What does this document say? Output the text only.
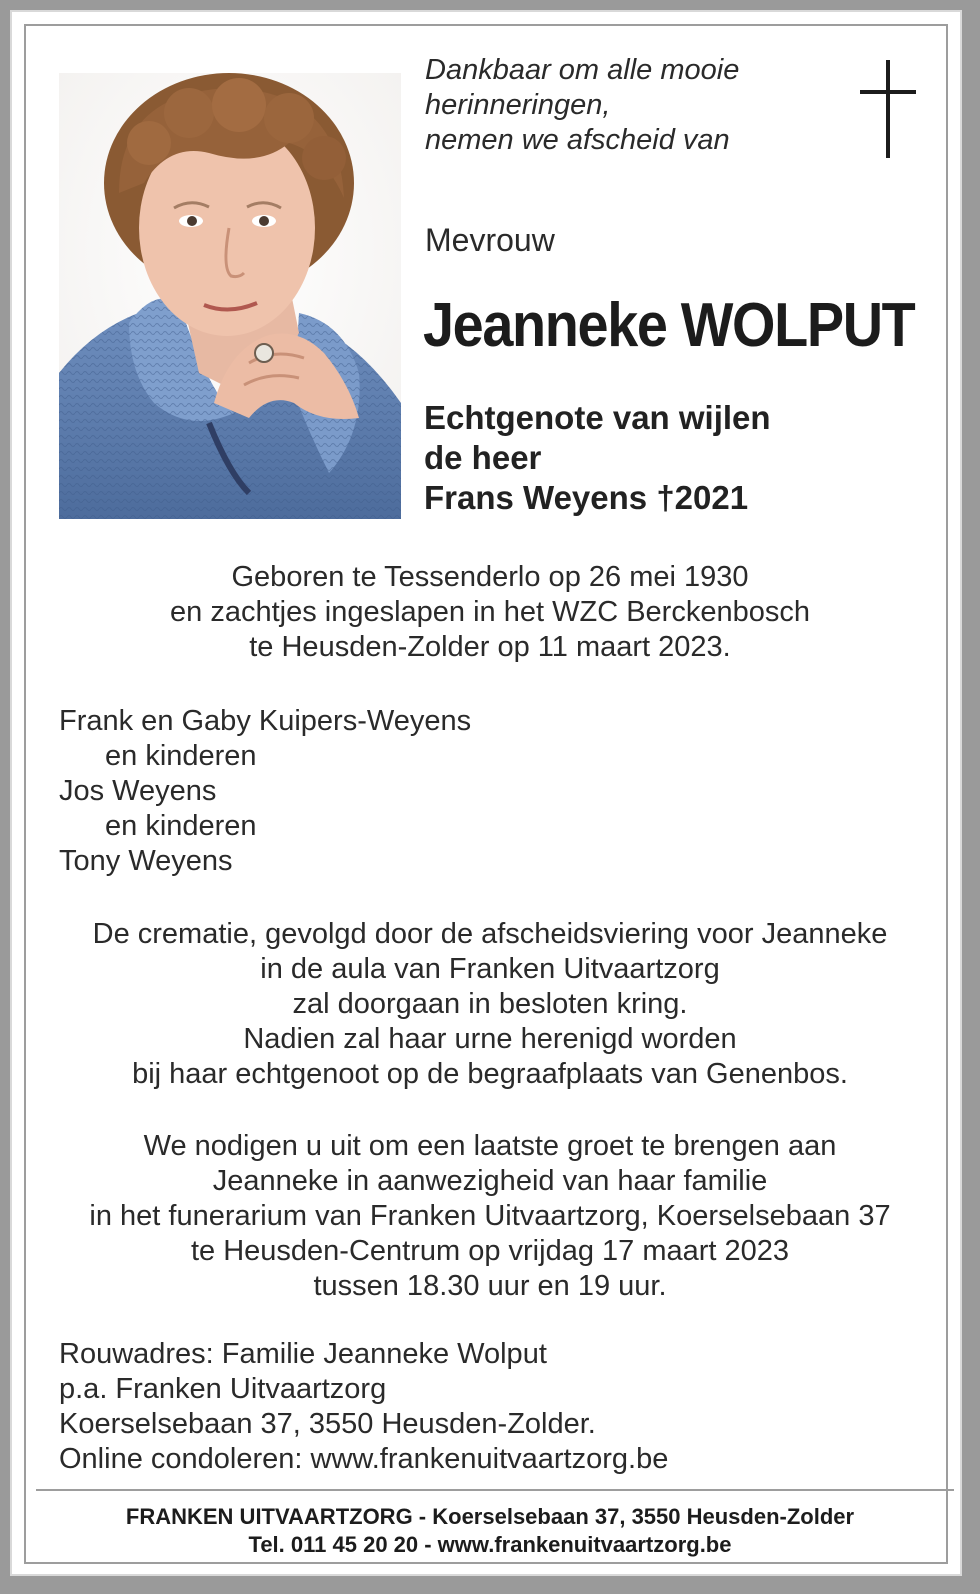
Dankbaar om alle mooie
herinneringen,
nemen we afscheid van

Mevrouw

Jeanneke WOLPUT
Echtgenote van wijlen
de heer
Frans Weyens †2021
Geboren te Tessenderlo op 26 mei 1930
en zachtjes ingeslapen in het WZC Berckenbosch
te Heusden-Zolder op 11 maart 2023.
Frank en Gaby Kuipers-Weyens
en kinderen
Jos Weyens
en kinderen
Tony Weyens
De crematie, gevolgd door de afscheidsviering voor Jeanneke
in de aula van Franken Uitvaartzorg
zal doorgaan in besloten kring.
Nadien zal haar urne herenigd worden
bij haar echtgenoot op de begraafplaats van Genenbos.
We nodigen u uit om een laatste groet te brengen aan
Jeanneke in aanwezigheid van haar familie
in het funerarium van Franken Uitvaartzorg, Koerselsebaan 37
te Heusden-Centrum op vrijdag 17 maart 2023
tussen 18.30 uur en 19 uur.
Rouwadres: Familie Jeanneke Wolput
p.a. Franken Uitvaartzorg
Koerselsebaan 37, 3550 Heusden-Zolder.
Online condoleren: www.frankenuitvaartzorg.be
FRANKEN UITVAARTZORG - Koerselsebaan 37, 3550 Heusden-Zolder
Tel. 011 45 20 20 - www.frankenuitvaartzorg.be
